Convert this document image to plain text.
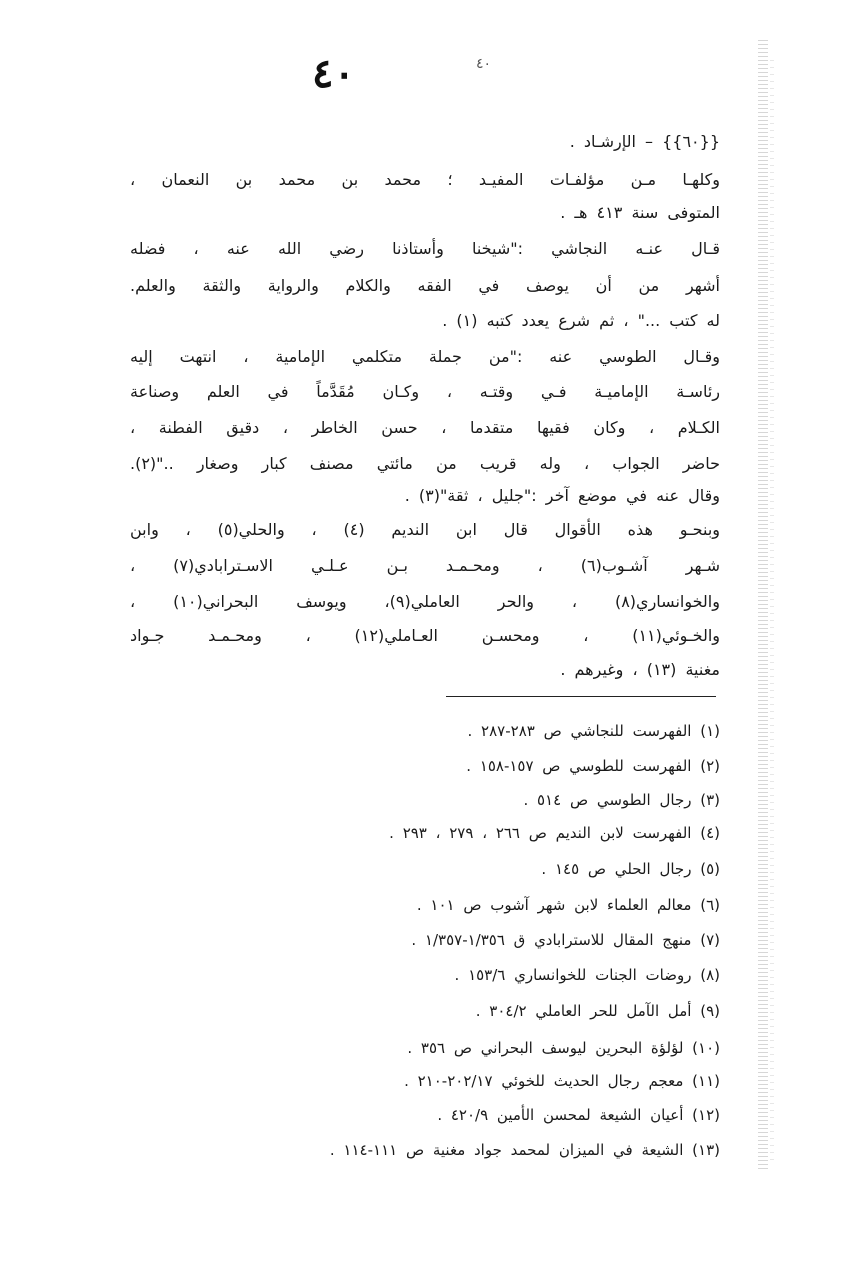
٤٠	٤٠
{{٦٠}} – الإرشـاد .
وكلهـا مـن مؤلفـات المفيـد ؛ محمد بن محمد بن النعمان ،
المتوفى سنة ٤١٣ هـ .
قـال عنـه النجاشي :"شيخنا وأستاذنا رضي الله عنه ، فضله
أشهر من أن يوصف في الفقه والكلام والرواية والثقة والعلم.
له كتب ..." ، ثم شرع يعدد كتبه (١) .
وقـال الطوسي عنه :"من جملة متكلمي الإمامية ، انتهت إليه
رئاسـة الإماميـة فـي وقتـه ، وكـان مُقَدَّماً في العلم وصناعة
الكـلام ، وكان فقيها متقدما ، حسن الخاطر ، دقيق الفطنة ،
حاضر الجواب ، وله قريب من مائتي مصنف كبار وصغار .."(٢).
وقال عنه في موضع آخر :"جليل ، ثقة"(٣) .
وبنحـو هذه الأقوال قال ابن النديم (٤) ، والحلي(٥) ، وابن
شـهر آشـوب(٦) ، ومحـمـد بـن عـلـي الاسـترابادي(٧) ،
والخوانساري(٨) ، والحر العاملي(٩)، ويوسف البحراني(١٠) ،
والخـوئي(١١) ، ومحسـن العـاملي(١٢) ، ومحـمـد جـواد
مغنية (١٣) ، وغيرهم .
(١) الفهرست للنجاشي ص ٢٨٣-٢٨٧ .
(٢) الفهرست للطوسي ص ١٥٧-١٥٨ .
(٣) رجال الطوسي ص ٥١٤ .
(٤) الفهرست لابن النديم ص ٢٦٦ ، ٢٧٩ ، ٢٩٣ .
(٥) رجال الحلي ص ١٤٥ .
(٦) معالم العلماء لابن شهر آشوب ص ١٠١ .
(٧) منهج المقال للاسترابادي ق ١/٣٥٦-١/٣٥٧ .
(٨) روضات الجنات للخوانساري ١٥٣/٦ .
(٩) أمل الآمل للحر العاملي ٣٠٤/٢ .
(١٠) لؤلؤة البحرين ليوسف البحراني ص ٣٥٦ .
(١١) معجم رجال الحديث للخوئي ٢٠٢/١٧-٢١٠ .
(١٢) أعيان الشيعة لمحسن الأمين ٤٢٠/٩ .
(١٣) الشيعة في الميزان لمحمد جواد مغنية ص ١١١-١١٤ .
